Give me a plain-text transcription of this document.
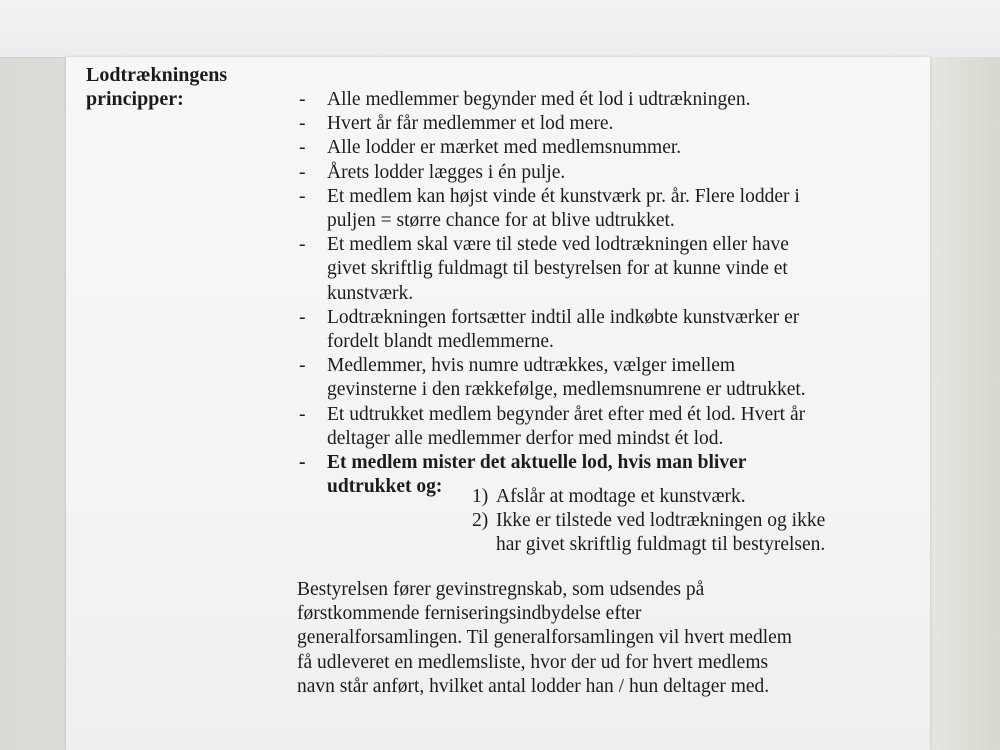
Lodtrækningens
principper:	- Alle medlemmer begynder med ét lod i udtrækningen.
- Hvert år får medlemmer et lod mere.
- Alle lodder er mærket med medlemsnummer.
- Årets lodder lægges i én pulje.
- Et medlem kan højst vinde ét kunstværk pr. år. Flere lodder i
puljen = større chance for at blive udtrukket.
- Et medlem skal være til stede ved lodtrækningen eller have
givet skriftlig fuldmagt til bestyrelsen for at kunne vinde et
kunstværk.
- Lodtrækningen fortsætter indtil alle indkøbte kunstværker er
fordelt blandt medlemmerne.
- Medlemmer, hvis numre udtrækkes, vælger imellem
gevinsterne i den rækkefølge, medlemsnumrene er udtrukket.
- Et udtrukket medlem begynder året efter med ét lod. Hvert år
deltager alle medlemmer derfor med mindst ét lod.
- Et medlem mister det aktuelle lod, hvis man bliver
udtrukket og:	1) Afslår at modtage et kunstværk.
2) Ikke er tilstede ved lodtrækningen og ikke
har givet skriftlig fuldmagt til bestyrelsen.
Bestyrelsen fører gevinstregnskab, som udsendes på
førstkommende ferniseringsindbydelse efter
generalforsamlingen. Til generalforsamlingen vil hvert medlem
få udleveret en medlemsliste, hvor der ud for hvert medlems
navn står anført, hvilket antal lodder han / hun deltager med.
